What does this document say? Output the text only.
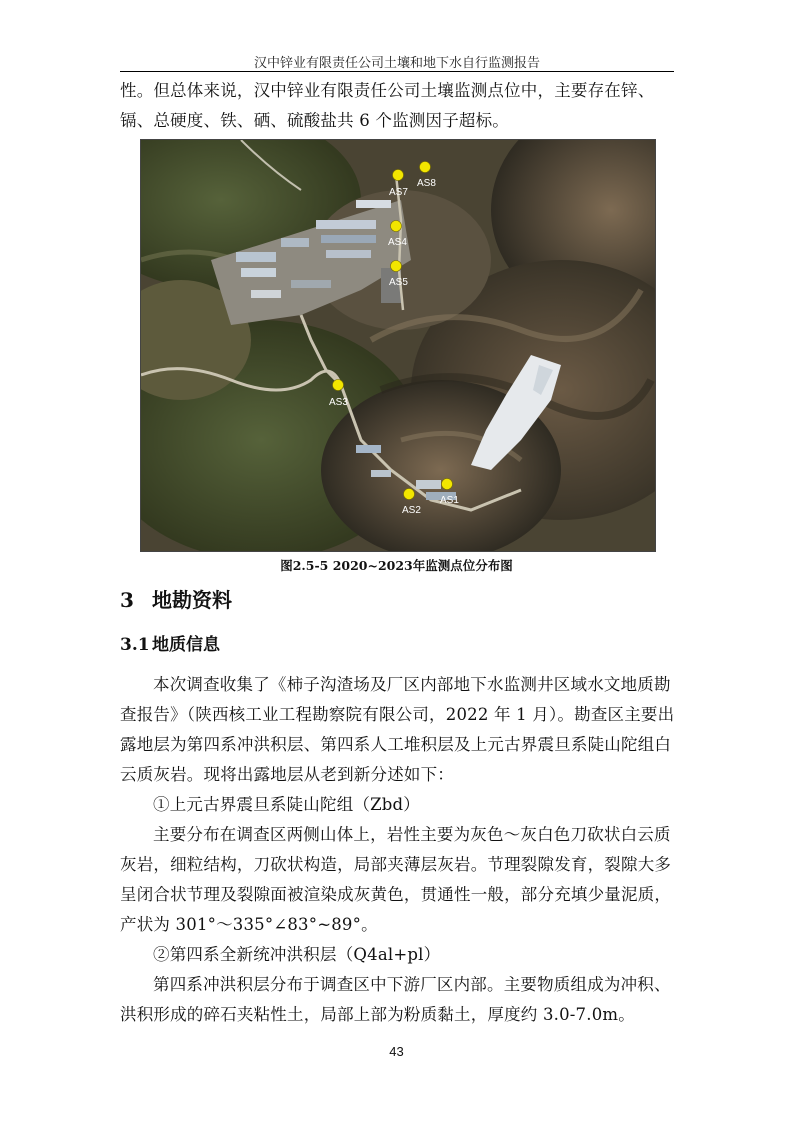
汉中锌业有限责任公司土壤和地下水自行监测报告

性。但总体来说，汉中锌业有限责任公司土壤监测点位中，主要存在锌、镉、总硬度、铁、硒、硫酸盐共 6 个监测因子超标。

AS7
AS8
AS4
AS5
AS3
AS2
AS1
图2.5-5 2020~2023年监测点位分布图
3 地勘资料
3.1 地质信息

本次调查收集了《柿子沟渣场及厂区内部地下水监测井区域水文地质勘查报告》（陕西核工业工程勘察院有限公司，2022 年 1 月）。勘查区主要出露地层为第四系冲洪积层、第四系人工堆积层及上元古界震旦系陡山陀组白云质灰岩。现将出露地层从老到新分述如下：

①上元古界震旦系陡山陀组（Zbd）

主要分布在调查区两侧山体上，岩性主要为灰色～灰白色刀砍状白云质灰岩，细粒结构，刀砍状构造，局部夹薄层灰岩。节理裂隙发育，裂隙大多呈闭合状节理及裂隙面被渲染成灰黄色，贯通性一般，部分充填少量泥质，产状为 301°～335°∠83°~89°。

②第四系全新统冲洪积层（Q4al+pl）

第四系冲洪积层分布于调查区中下游厂区内部。主要物质组成为冲积、洪积形成的碎石夹粘性土，局部上部为粉质黏土，厚度约 3.0-7.0m。

43
